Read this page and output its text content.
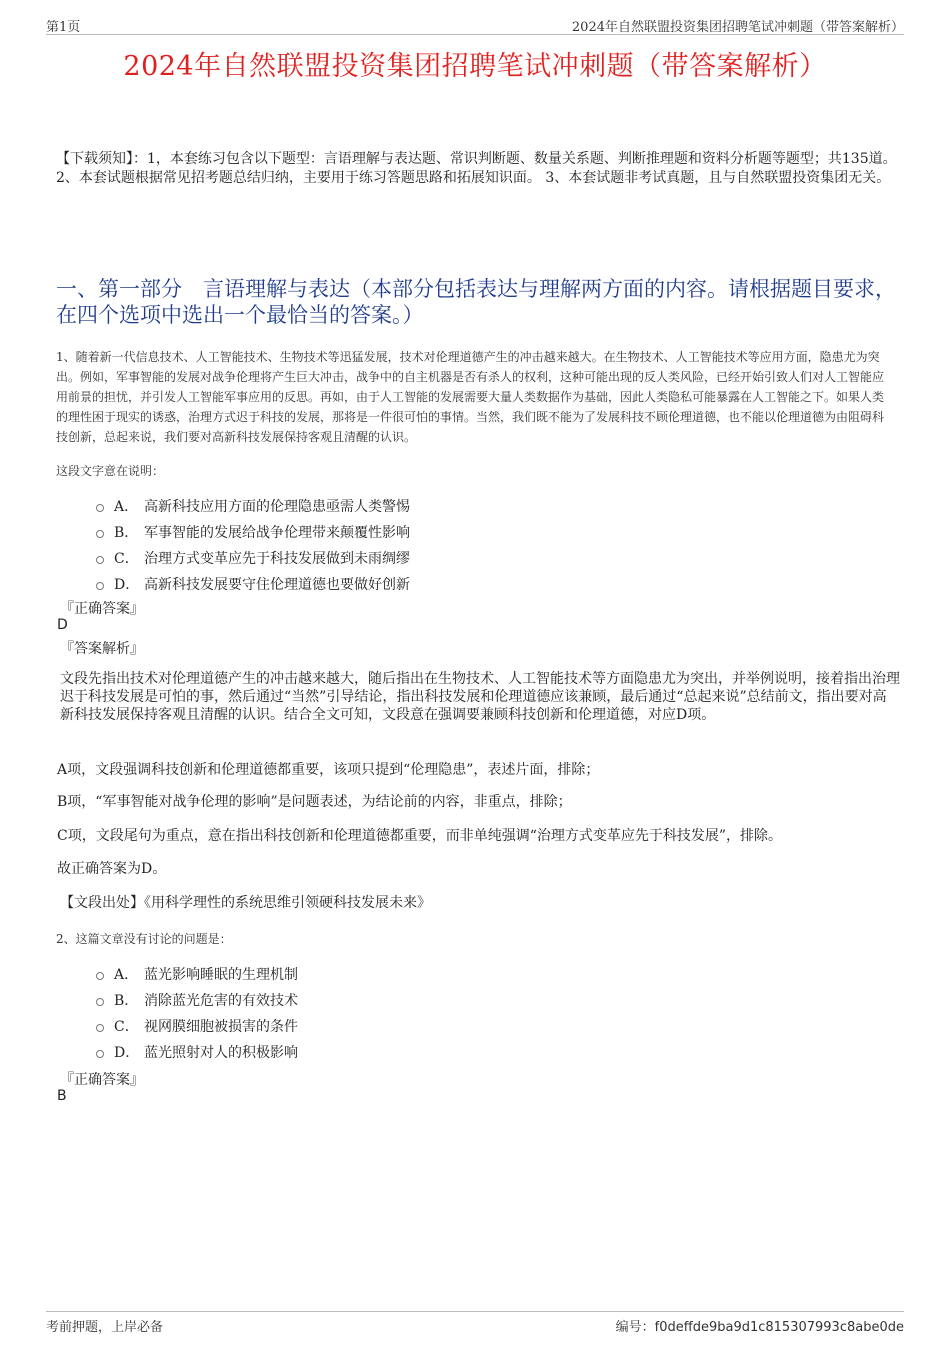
第1页	2024年自然联盟投资集团招聘笔试冲刺题（带答案解析）
2024年自然联盟投资集团招聘笔试冲刺题（带答案解析）
【下载须知】：1，本套练习包含以下题型：言语理解与表达题、常识判断题、数量关系题、判断推理题和资料分析题等题型；共135道。 2、本套试题根据常见招考题总结归纳，主要用于练习答题思路和拓展知识面。 3、本套试题非考试真题，且与自然联盟投资集团无关。
一、第一部分　言语理解与表达（本部分包括表达与理解两方面的内容。请根据题目要求，在四个选项中选出一个最恰当的答案。）
1、随着新一代信息技术、人工智能技术、生物技术等迅猛发展，技术对伦理道德产生的冲击越来越大。在生物技术、人工智能技术等应用方面，隐患尤为突出。例如，军事智能的发展对战争伦理将产生巨大冲击，战争中的自主机器是否有杀人的权利，这种可能出现的反人类风险，已经开始引致人们对人工智能应用前景的担忧，并引发人工智能军事应用的反思。再如，由于人工智能的发展需要大量人类数据作为基础，因此人类隐私可能暴露在人工智能之下。如果人类的理性困于现实的诱惑，治理方式迟于科技的发展，那将是一件很可怕的事情。当然，我们既不能为了发展科技不顾伦理道德，也不能以伦理道德为由阻碍科技创新，总起来说，我们要对高新科技发展保持客观且清醒的认识。
这段文字意在说明：
A． 高新科技应用方面的伦理隐患亟需人类警惕
B． 军事智能的发展给战争伦理带来颠覆性影响
C． 治理方式变革应先于科技发展做到未雨绸缪
D． 高新科技发展要守住伦理道德也要做好创新
『正确答案』
D
『答案解析』
文段先指出技术对伦理道德产生的冲击越来越大，随后指出在生物技术、人工智能技术等方面隐患尤为突出，并举例说明，接着指出治理迟于科技发展是可怕的事，然后通过“当然”引导结论，指出科技发展和伦理道德应该兼顾，最后通过“总起来说”总结前文，指出要对高新科技发展保持客观且清醒的认识。结合全文可知，文段意在强调要兼顾科技创新和伦理道德，对应D项。
A项，文段强调科技创新和伦理道德都重要，该项只提到“伦理隐患”，表述片面，排除；
B项，“军事智能对战争伦理的影响”是问题表述，为结论前的内容，非重点，排除；
C项，文段尾句为重点，意在指出科技创新和伦理道德都重要，而非单纯强调“治理方式变革应先于科技发展”，排除。
故正确答案为D。
【文段出处】《用科学理性的系统思维引领硬科技发展未来》
2、这篇文章没有讨论的问题是：
A． 蓝光影响睡眠的生理机制
B． 消除蓝光危害的有效技术
C． 视网膜细胞被损害的条件
D． 蓝光照射对人的积极影响
『正确答案』
B
考前押题，上岸必备	编号：f0deffde9ba9d1c815307993c8abe0de
